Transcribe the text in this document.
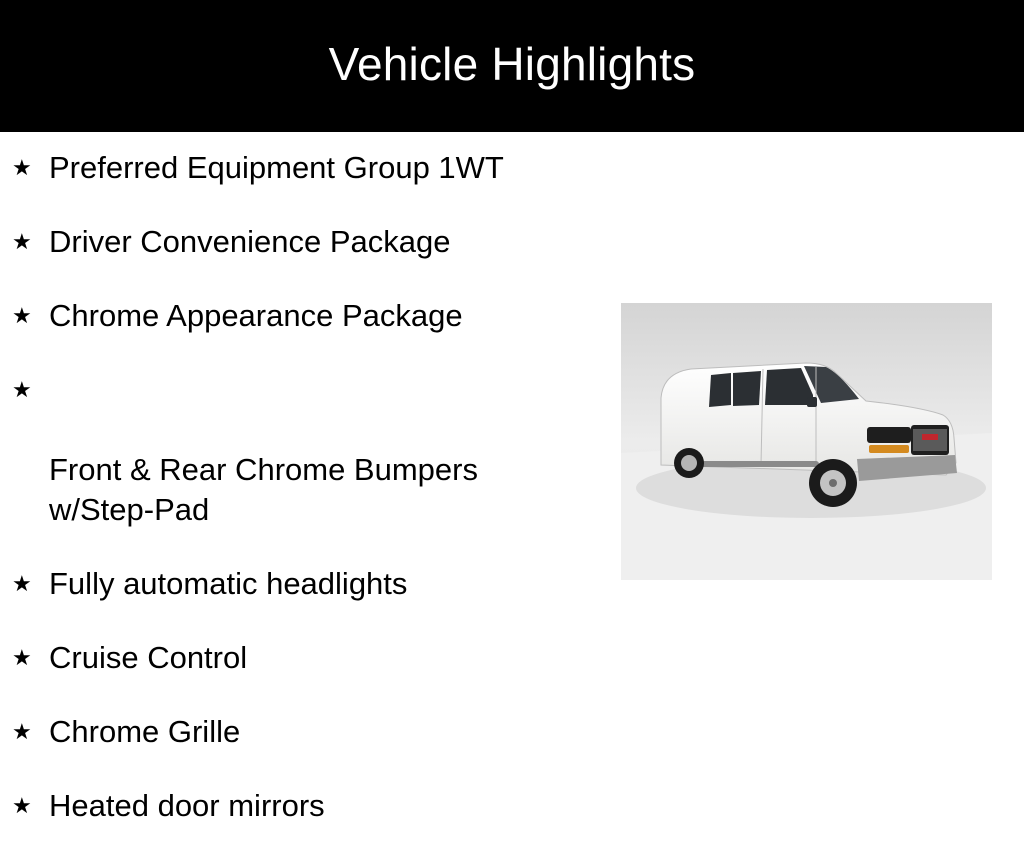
Vehicle Highlights
★ Preferred Equipment Group 1WT
★ Driver Convenience Package
★ Chrome Appearance Package

★

Front & Rear Chrome Bumpers
w/Step-Pad

★ Fully automatic headlights
★ Cruise Control
★ Chrome Grille
★ Heated door mirrors
